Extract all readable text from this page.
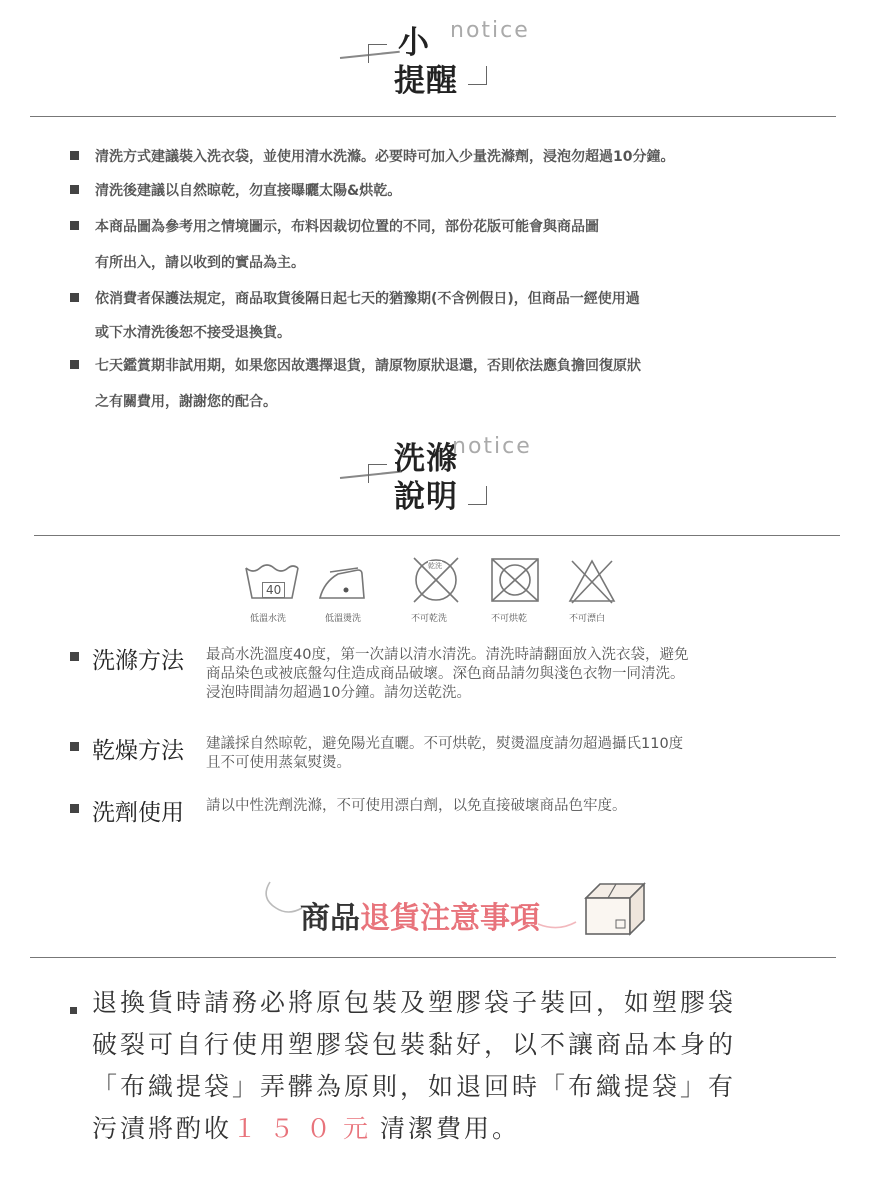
小 notice
提醒
清洗方式建議裝入洗衣袋，並使用清水洗滌。必要時可加入少量洗滌劑，浸泡勿超過10分鐘。
清洗後建議以自然晾乾，勿直接曝曬太陽&烘乾。
本商品圖為參考用之情境圖示，布料因裁切位置的不同，部份花版可能會與商品圖
有所出入，請以收到的實品為主。
依消費者保護法規定，商品取貨後隔日起七天的猶豫期(不含例假日)，但商品一經使用過
或下水清洗後恕不接受退換貨。
七天鑑賞期非試用期，如果您因故選擇退貨，請原物原狀退還，否則依法應負擔回復原狀
之有關費用，謝謝您的配合。
洗滌
notice
說明
40
低溫水洗	低溫燙洗
乾洗
不可乾洗	不可烘乾	不可漂白
洗滌方法 最高水洗溫度40度，第一次請以清水清洗。清洗時請翻面放入洗衣袋，避免
商品染色或被底盤勾住造成商品破壞。深色商品請勿與淺色衣物一同清洗。
浸泡時間請勿超過10分鐘。請勿送乾洗。
乾燥方法 建議採自然晾乾，避免陽光直曬。不可烘乾，熨燙溫度請勿超過攝氏110度
且不可使用蒸氣熨燙。
洗劑使用 請以中性洗劑洗滌，不可使用漂白劑，以免直接破壞商品色牢度。
商品退貨注意事項
退換貨時請務必將原包裝及塑膠袋子裝回，如塑膠袋
破裂可自行使用塑膠袋包裝黏好，以不讓商品本身的
「布織提袋」弄髒為原則，如退回時「布織提袋」有
污漬將酌收１５０元清潔費用。
